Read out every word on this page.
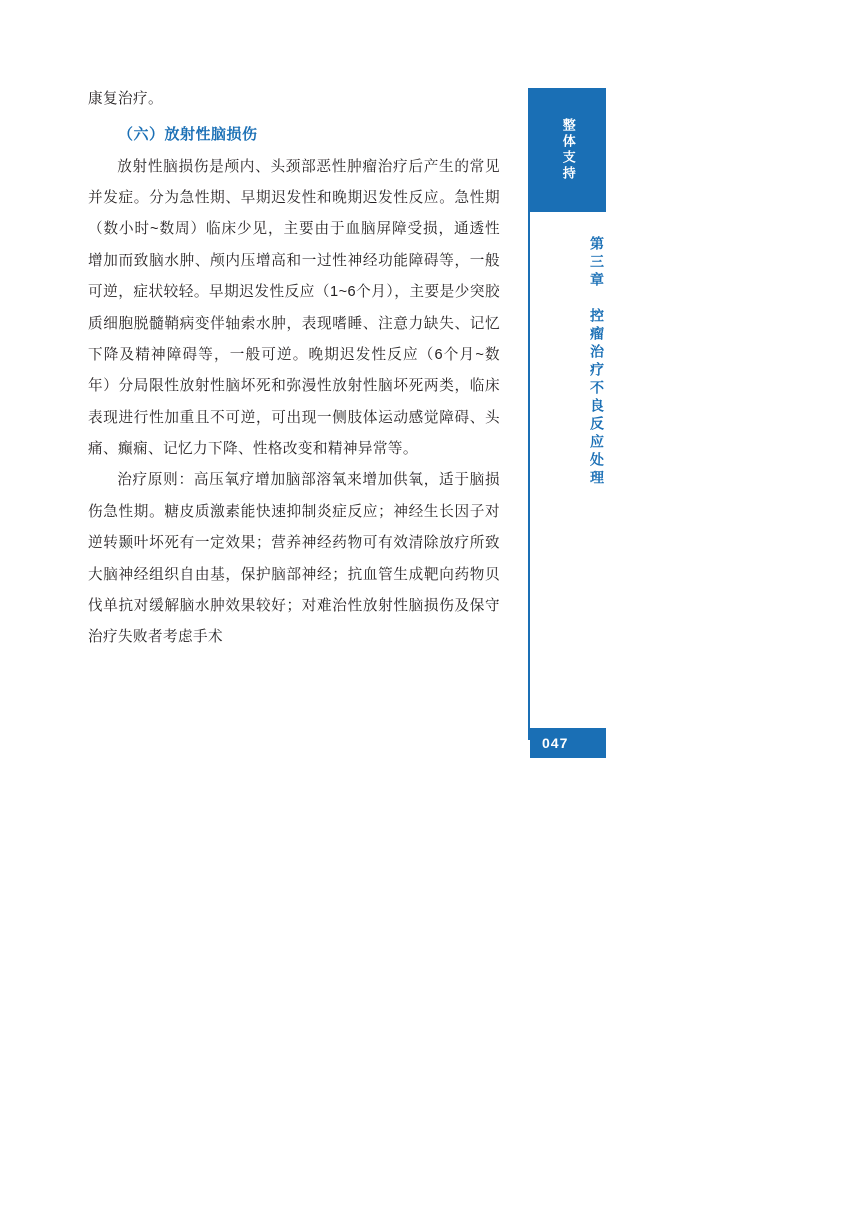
整体支持
第三章　控瘤治疗不良反应处理
047

康复治疗。

（六）放射性脑损伤

放射性脑损伤是颅内、头颈部恶性肿瘤治疗后产生的常见并发症。分为急性期、早期迟发性和晚期迟发性反应。急性期（数小时~数周）临床少见，主要由于血脑屏障受损，通透性增加而致脑水肿、颅内压增高和一过性神经功能障碍等，一般可逆，症状较轻。早期迟发性反应（1~6个月），主要是少突胶质细胞脱髓鞘病变伴轴索水肿，表现嗜睡、注意力缺失、记忆下降及精神障碍等，一般可逆。晚期迟发性反应（6个月~数年）分局限性放射性脑坏死和弥漫性放射性脑坏死两类，临床表现进行性加重且不可逆，可出现一侧肢体运动感觉障碍、头痛、癫痫、记忆力下降、性格改变和精神异常等。

治疗原则：高压氧疗增加脑部溶氧来增加供氧，适于脑损伤急性期。糖皮质激素能快速抑制炎症反应；神经生长因子对逆转颞叶坏死有一定效果；营养神经药物可有效清除放疗所致大脑神经组织自由基，保护脑部神经；抗血管生成靶向药物贝伐单抗对缓解脑水肿效果较好；对难治性放射性脑损伤及保守治疗失败者考虑手术
